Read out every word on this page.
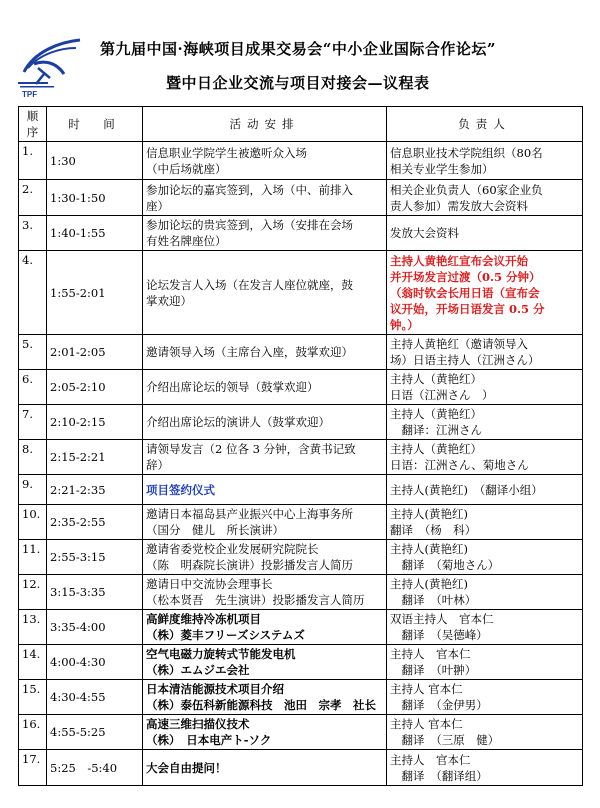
TPF
第九届中国·海峡项目成果交易会“中小企业国际合作论坛”
暨中日企业交流与项目对接会—议程表
顺序	时　间	活动安排	负责人
1.	1:30	信息职业学院学生被邀听众入场
（中后场就座）	信息职业技术学院组织（80名
相关专业学生参加）

2.	1:30-1:50	参加论坛的嘉宾签到，入场（中、前排入
座）	相关企业负责人（60家企业负
责人参加）需发放大会资料

3.	1:40-1:55	参加论坛的贵宾签到，入场（安排在会场
有姓名牌座位）	发放大会资料

4.	1:55-2:01	论坛发言人入场（在发言人座位就座，鼓
掌欢迎）	主持人黄艳红宣布会议开始
并开场发言过渡（0.5 分钟）
（翁时钦会长用日语（宣布会
议开始，开场日语发言 0.5 分
钟。）

5.	2:01-2:05	邀请领导入场（主席台入座，鼓掌欢迎）	主持人黄艳红（邀请领导入
场）日语主持人（江洲さん）

6.	2:05-2:10	介绍出席论坛的领导（鼓掌欢迎）	主持人（黄艳红）
日语（江洲さん　）

7.	2:10-2:15	介绍出席论坛的演讲人（鼓掌欢迎）	主持人（黄艳红）
　翻译：江洲さん

8.	2:15-2:21	请领导发言（2 位各 3 分钟，含黄书记致
辞）	主持人（黄艳红）
日语：江洲さん、菊地さん

9.	2:21-2:35	项目签约仪式	主持人(黄艳红)　（翻译小组）

10.	2:35-2:55	邀请日本福岛县产业振兴中心上海事务所
（国分　健儿　所长演讲）	主持人(黄艳红)
翻译　（杨　科）

11.	2:55-3:15	邀请省委党校企业发展研究院院长
（陈　明森院长演讲）投影播发言人简历	主持人(黄艳红)
　翻译　（菊地さん）

12.	3:15-3:35	邀请日中交流协会理事长
（松本贤吾　先生演讲）投影播发言人简历	主持人(黄艳红)
　翻译　（叶林）

13.	3:35-4:00	高鲜度维持冷冻机项目
（株）菱丰フリーズシステムズ	双语主持人　官本仁
　翻译　（吴德峰）

14.	4:00-4:30	空气电磁力旋转式节能发电机
（株）エムジエ会社	主持人　官本仁
　翻译　（叶翀）

15.	4:30-4:55	日本清洁能源技术项目介绍
（株）泰伍科新能源科技　池田　宗孝　社长	主持人 官本仁
　翻译　（金伊男）

16.	4:55-5:25	高速三维扫描仪技术
（株）　日本电产ト-ソク	主持人 官本仁
　翻译　（三原　健）

17.	5:25　-5:40	大会自由提问！	主持人　官本仁
　翻译　（翻译组）
